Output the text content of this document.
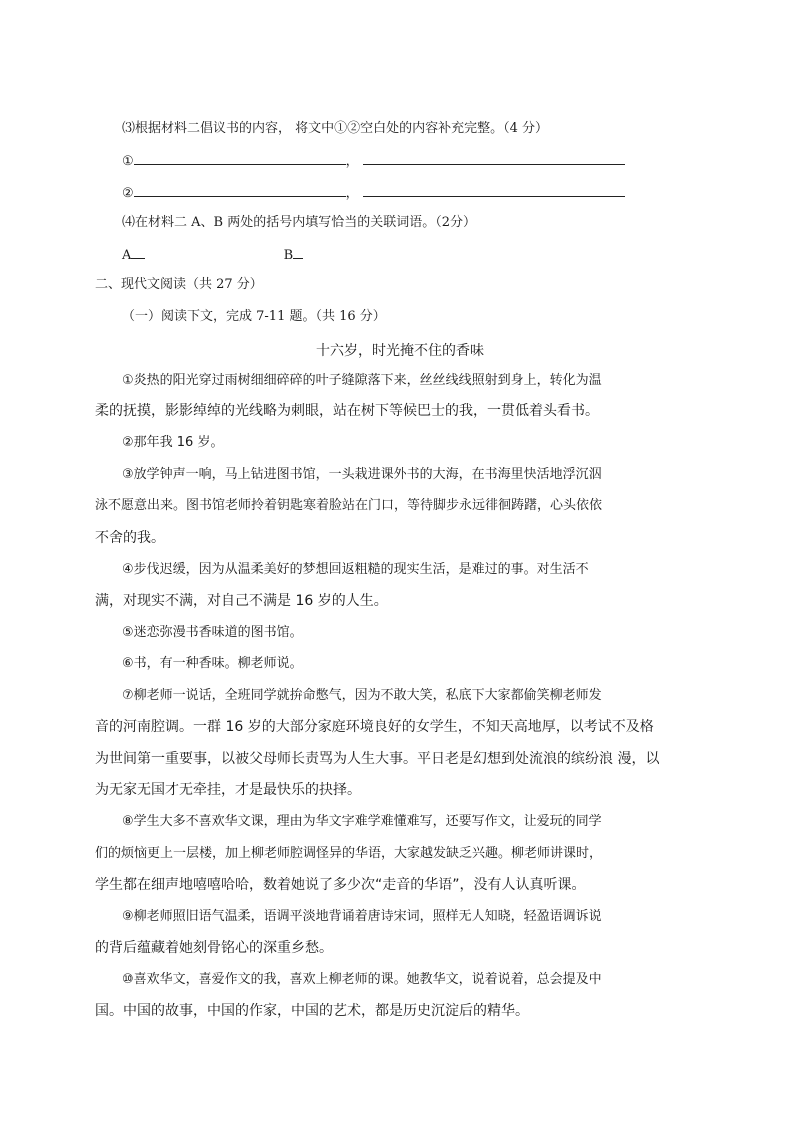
⑶根据材料二倡议书的内容， 将文中①②空白处的内容补充完整。（4 分）
①	，
②	，
⑷在材料二 A、B 两处的括号内填写恰当的关联词语。（2分）
A	B
二、现代文阅读（共 27 分）
（一）阅读下文，完成 7-11 题。（共 16 分）
十六岁，时光掩不住的香味
①炎热的阳光穿过雨树细细碎碎的叶子缝隙落下来，丝丝线线照射到身上，转化为温
柔的抚摸，影影绰绰的光线略为刺眼，站在树下等候巴士的我，一贯低着头看书。
②那年我 16 岁。
③放学钟声一响，马上钻进图书馆，一头栽进课外书的大海，在书海里快活地浮沉泅
泳不愿意出来。图书馆老师拎着钥匙寒着脸站在门口，等待脚步永远徘徊踌躇，心头依依
不舍的我。
④步伐迟缓，因为从温柔美好的梦想回返粗糙的现实生活，是难过的事。对生活不
满，对现实不满，对自己不满是 16 岁的人生。
⑤迷恋弥漫书香味道的图书馆。
⑥书，有一种香味。柳老师说。
⑦柳老师一说话，全班同学就拚命憋气，因为不敢大笑，私底下大家都偷笑柳老师发
音的河南腔调。一群 16 岁的大部分家庭环境良好的女学生，不知天高地厚，以考试不及格
为世间第一重要事，以被父母师长责骂为人生大事。平日老是幻想到处流浪的缤纷浪 漫，以
为无家无国才无牵挂，才是最快乐的抉择。
⑧学生大多不喜欢华文课，理由为华文字难学难懂难写，还要写作文，让爱玩的同学
们的烦恼更上一层楼，加上柳老师腔调怪异的华语，大家越发缺乏兴趣。柳老师讲课时，
学生都在细声地嘻嘻哈哈，数着她说了多少次“走音的华语”，没有人认真听课。
⑨柳老师照旧语气温柔，语调平淡地背诵着唐诗宋词，照样无人知晓，轻盈语调诉说
的背后蕴藏着她刻骨铭心的深重乡愁。
⑩喜欢华文，喜爱作文的我，喜欢上柳老师的课。她教华文，说着说着，总会提及中
国。中国的故事，中国的作家，中国的艺术，都是历史沉淀后的精华。
